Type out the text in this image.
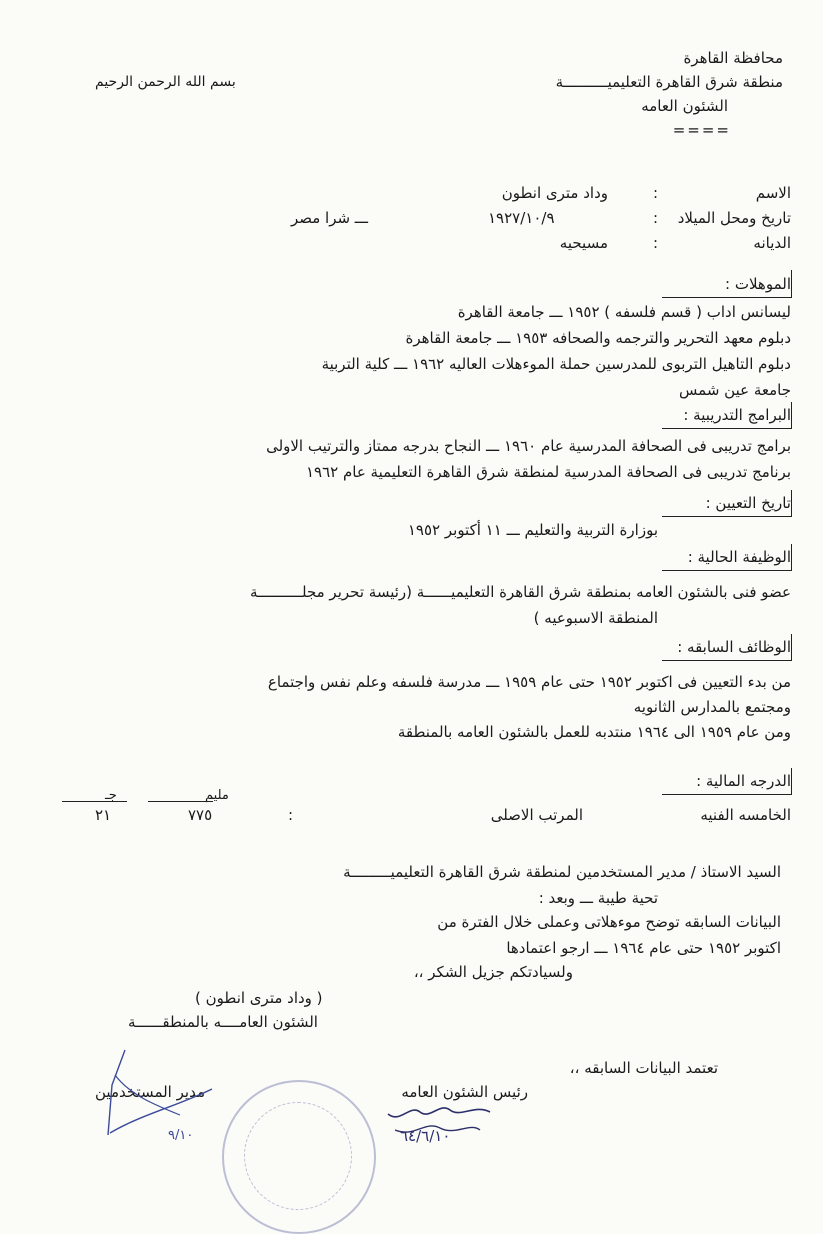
محافظة القاهرة
منطقة شرق القاهرة التعليميــــــــــة
الشئون العامه
====
بسم الله الرحمن الرحيم
الاسم
:
وداد مترى انطون
تاريخ ومحل الميلاد
:
١٩٢٧/١٠/٩
ـــ شرا مصر
الديانه
:
مسيحيه
الموهلات :
ليسانس اداب ( قسم فلسفه ) ١٩٥٢ ـــ جامعة القاهرة
دبلوم معهد التحرير والترجمه والصحافه ١٩٥٣ ـــ جامعة القاهرة
دبلوم التاهيل التربوى للمدرسين حملة الموءهلات العاليه ١٩٦٢ ـــ كلية التربية
جامعة عين شمس
البرامج التدريبية :
برامج تدريبى فى الصحافة المدرسية عام ١٩٦٠ ـــ النجاح بدرجه ممتاز والترتيب الاولى
برنامج تدريبى فى الصحافة المدرسية لمنطقة شرق القاهرة التعليمية عام ١٩٦٢
تاريخ التعيين :
بوزارة التربية والتعليم ـــ ١١ أكتوبر ١٩٥٢
الوظيفة الحالية :
عضو فنى بالشئون العامه بمنطقة شرق القاهرة التعليميــــــة (رئيسة تحرير مجلــــــــــة
المنطقة الاسبوعيه )
الوظائف السابقه :
من بدء التعيين فى اكتوبر ١٩٥٢ حتى عام ١٩٥٩ ـــ مدرسة فلسفه وعلم نفس واجتماع
ومجتمع بالمدارس الثانويه
ومن عام ١٩٥٩ الى ١٩٦٤ منتدبه للعمل بالشئون العامه بالمنطقة
الدرجه المالية :
الخامسه الفنيه
المرتب الاصلى
:
مليم
جـ
٧٧٥
٢١
السيد الاستاذ / مدير المستخدمين لمنطقة شرق القاهرة التعليميـــــــــة
تحية طيبة ـــ وبعد :
البيانات السابقه توضح موءهلاتى وعملى خلال الفترة من
اكتوبر ١٩٥٢ حتى عام ١٩٦٤ ـــ ارجو اعتمادها
ولسيادتكم جزيل الشكر ،،
( وداد مترى انطون )
الشئون العامــــه بالمنطقــــــة
تعتمد البيانات السابقه ،،
رئيس الشئون العامه
مدير المستخدمين
٦٤/٦/١٠
٩/١٠
